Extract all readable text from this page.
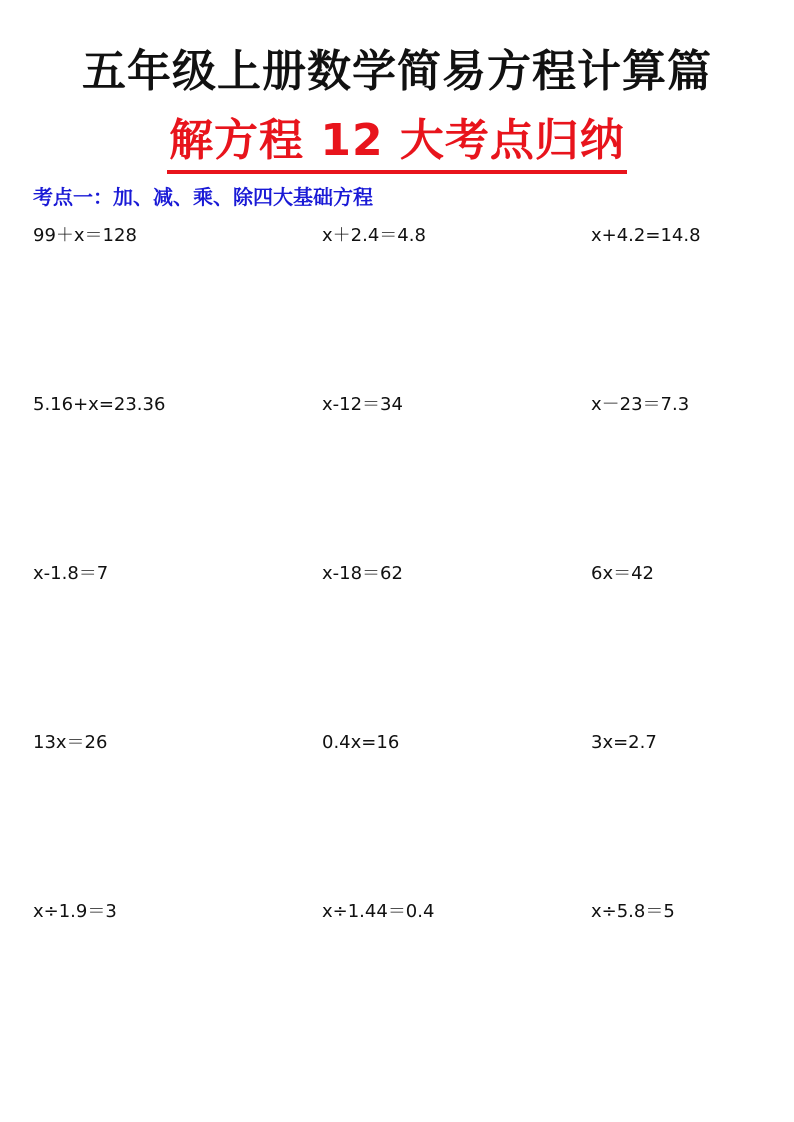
五年级上册数学简易方程计算篇
解方程 12 大考点归纳
考点一：加、减、乘、除四大基础方程
99＋x＝128	x＋2.4＝4.8	x+4.2=14.8
5.16+x=23.36	x-12＝34	x－23＝7.3
x-1.8＝7	x-18＝62	6x＝42
13x＝26	0.4x=16	3x=2.7
x÷1.9＝3	x÷1.44＝0.4	x÷5.8＝5
